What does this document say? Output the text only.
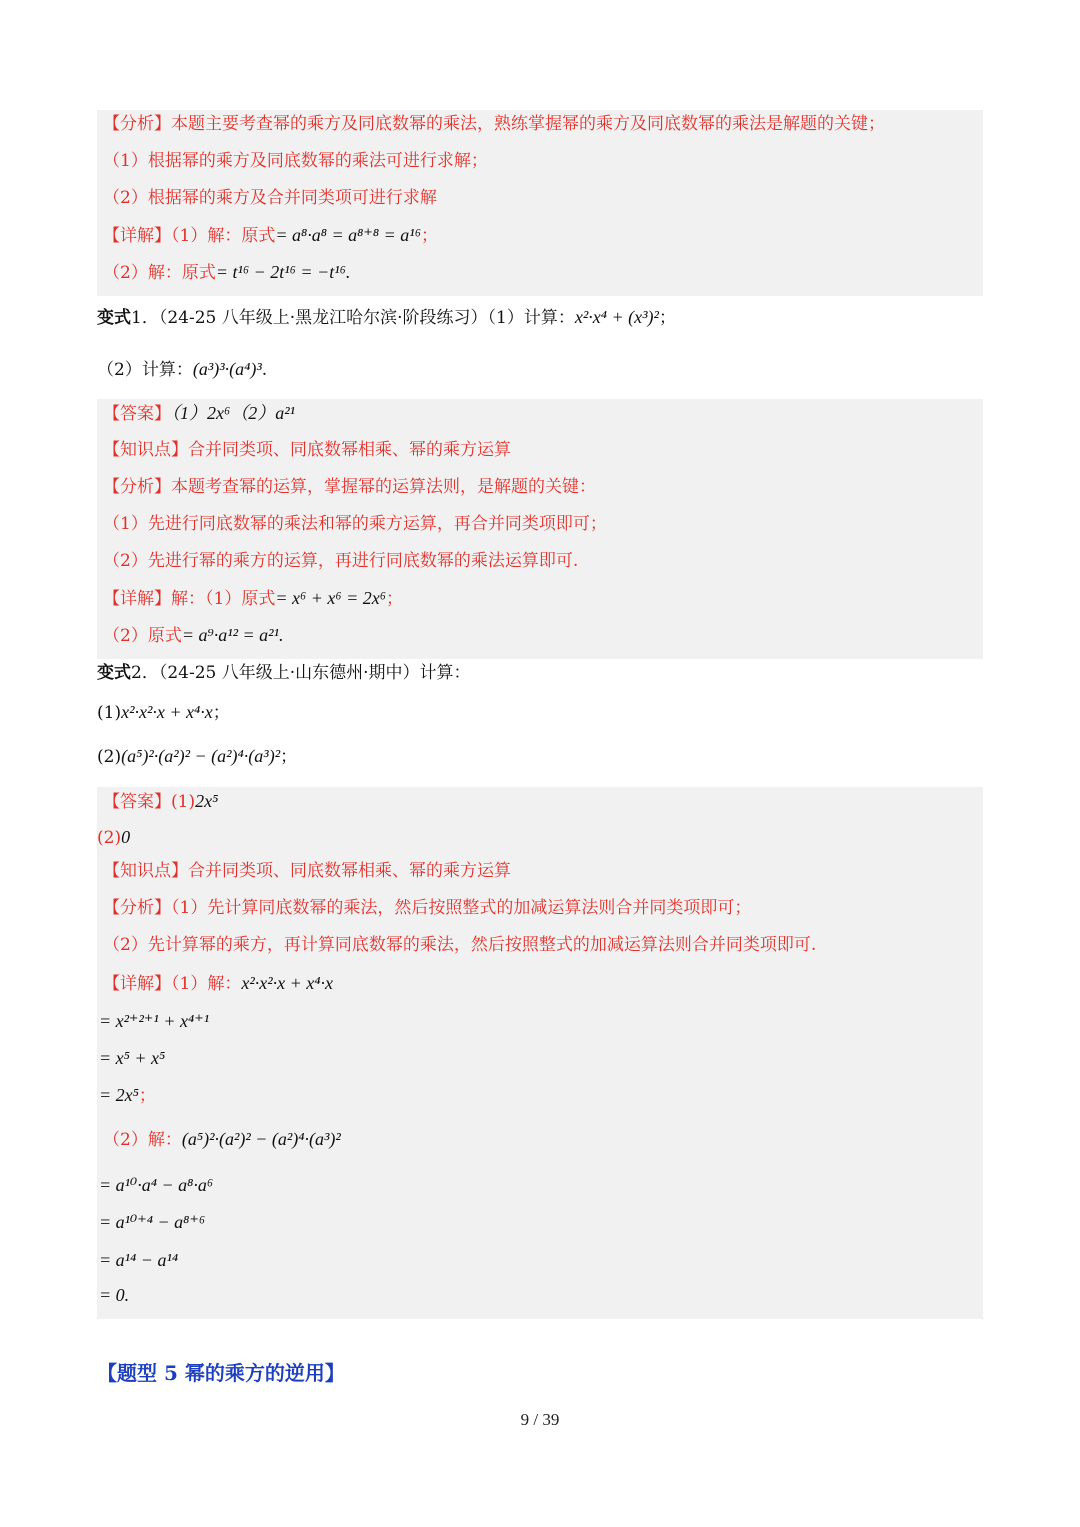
【分析】本题主要考查幂的乘方及同底数幂的乘法，熟练掌握幂的乘方及同底数幂的乘法是解题的关键；
（1）根据幂的乘方及同底数幂的乘法可进行求解；
（2）根据幂的乘方及合并同类项可进行求解
【详解】（1）解：原式= a⁸·a⁸ = a⁸⁺⁸ = a¹⁶；
（2）解：原式= t¹⁶ − 2t¹⁶ = −t¹⁶.
变式1．（24-25 八年级上·黑龙江哈尔滨·阶段练习）（1）计算：x²·x⁴ + (x³)²；
（2）计算：(a³)³·(a⁴)³.
【答案】（1）2x⁶（2）a²¹
【知识点】合并同类项、同底数幂相乘、幂的乘方运算
【分析】本题考查幂的运算，掌握幂的运算法则，是解题的关键：
（1）先进行同底数幂的乘法和幂的乘方运算，再合并同类项即可；
（2）先进行幂的乘方的运算，再进行同底数幂的乘法运算即可.
【详解】解：（1）原式= x⁶ + x⁶ = 2x⁶；
（2）原式= a⁹·a¹² = a²¹.
变式2．（24-25 八年级上·山东德州·期中）计算：
(1)x²·x²·x + x⁴·x；
(2)(a⁵)²·(a²)² − (a²)⁴·(a³)²；
【答案】(1)2x⁵
(2)0
【知识点】合并同类项、同底数幂相乘、幂的乘方运算
【分析】（1）先计算同底数幂的乘法，然后按照整式的加减运算法则合并同类项即可；
（2）先计算幂的乘方，再计算同底数幂的乘法，然后按照整式的加减运算法则合并同类项即可.
【详解】（1）解：x²·x²·x + x⁴·x
= x²⁺²⁺¹ + x⁴⁺¹
= x⁵ + x⁵
= 2x⁵；
（2）解：(a⁵)²·(a²)² − (a²)⁴·(a³)²
= a¹⁰·a⁴ − a⁸·a⁶
= a¹⁰⁺⁴ − a⁸⁺⁶
= a¹⁴ − a¹⁴
= 0.
【题型 5 幂的乘方的逆用】
9 / 39
